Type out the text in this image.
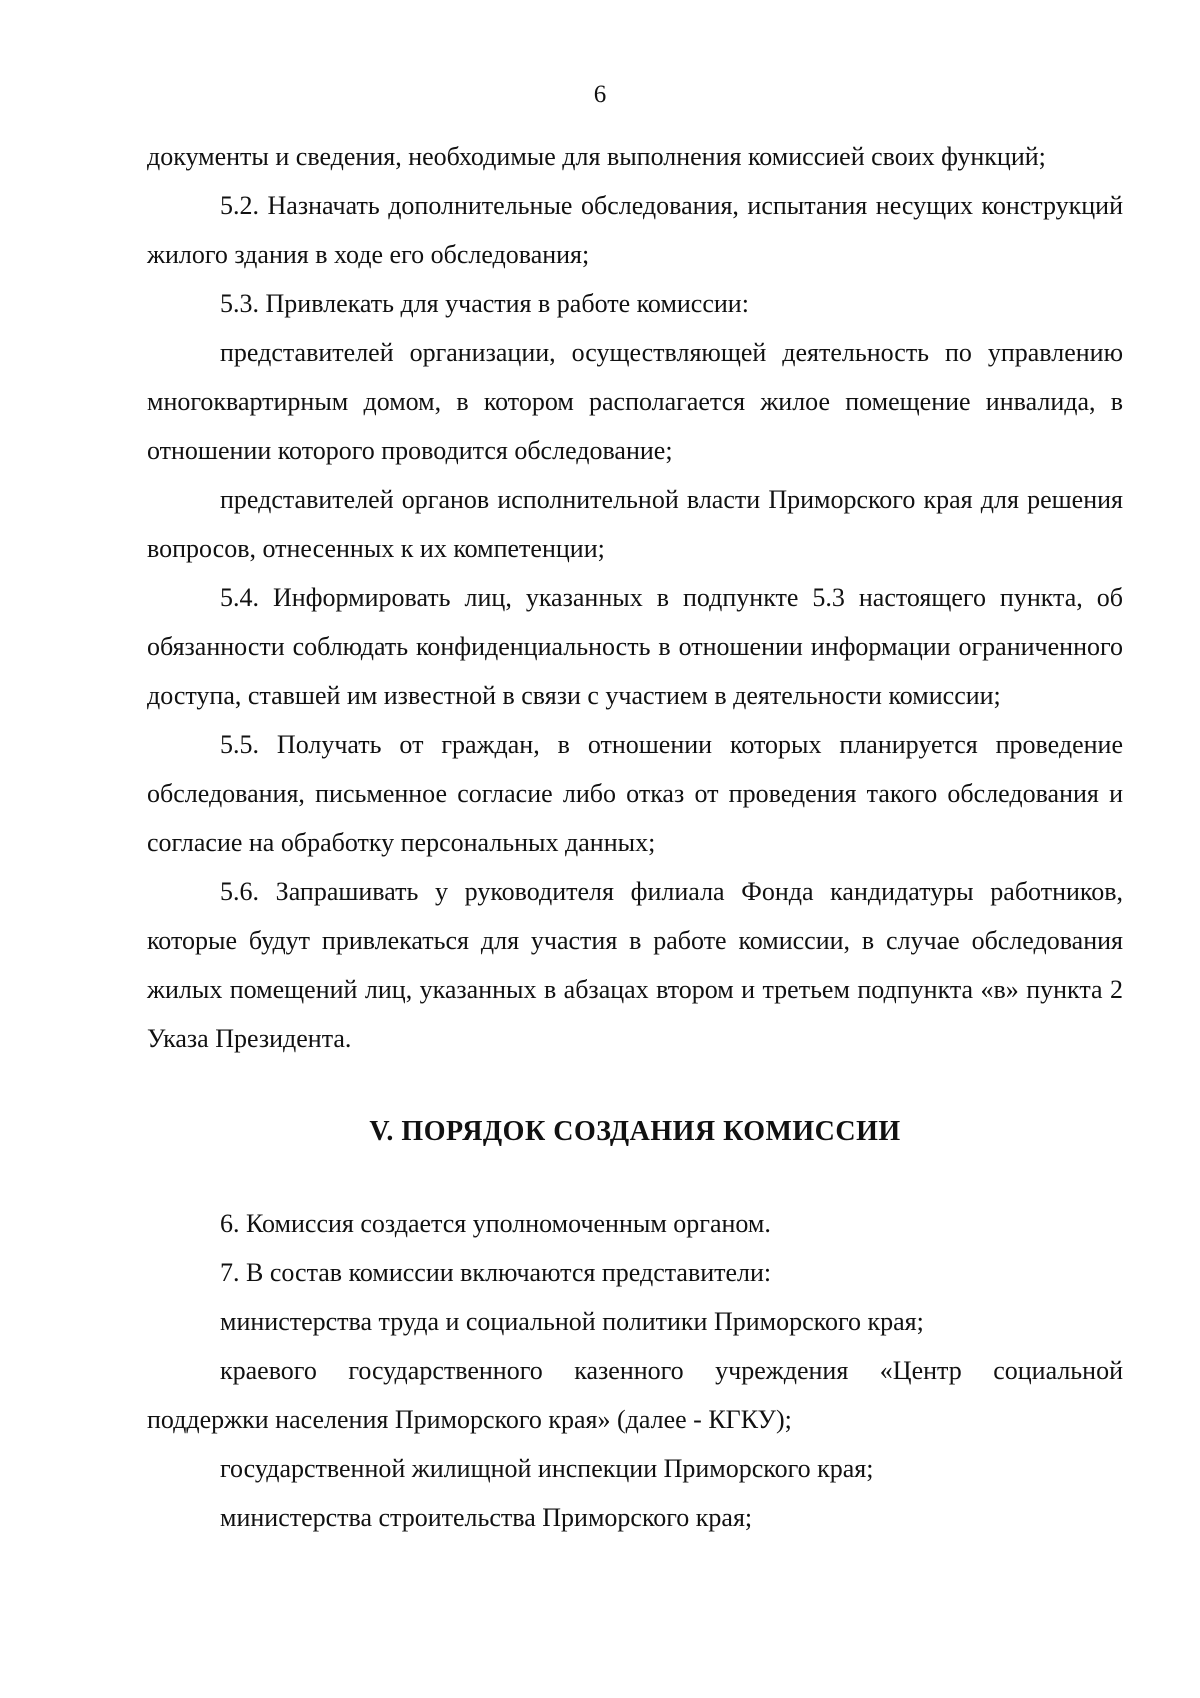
6

документы и сведения, необходимые для выполнения комиссией своих функций;

5.2. Назначать дополнительные обследования, испытания несущих конструкций жилого здания в ходе его обследования;

5.3. Привлекать для участия в работе комиссии:

представителей организации, осуществляющей деятельность по управлению многоквартирным домом, в котором располагается жилое помещение инвалида, в отношении которого проводится обследование;

представителей органов исполнительной власти Приморского края для решения вопросов, отнесенных к их компетенции;

5.4. Информировать лиц, указанных в подпункте 5.3 настоящего пункта, об обязанности соблюдать конфиденциальность в отношении информации ограниченного доступа, ставшей им известной в связи с участием в деятельности комиссии;

5.5. Получать от граждан, в отношении которых планируется проведение обследования, письменное согласие либо отказ от проведения такого обследования и согласие на обработку персональных данных;

5.6. Запрашивать у руководителя филиала Фонда кандидатуры работников, которые будут привлекаться для участия в работе комиссии, в случае обследования жилых помещений лиц, указанных в абзацах втором и третьем подпункта «в» пункта 2 Указа Президента.

V. ПОРЯДОК СОЗДАНИЯ КОМИССИИ

6. Комиссия создается уполномоченным органом.

7. В состав комиссии включаются представители:

министерства труда и социальной политики Приморского края;

краевого государственного казенного учреждения «Центр социальной поддержки населения Приморского края» (далее - КГКУ);

государственной жилищной инспекции Приморского края;

министерства строительства Приморского края;
